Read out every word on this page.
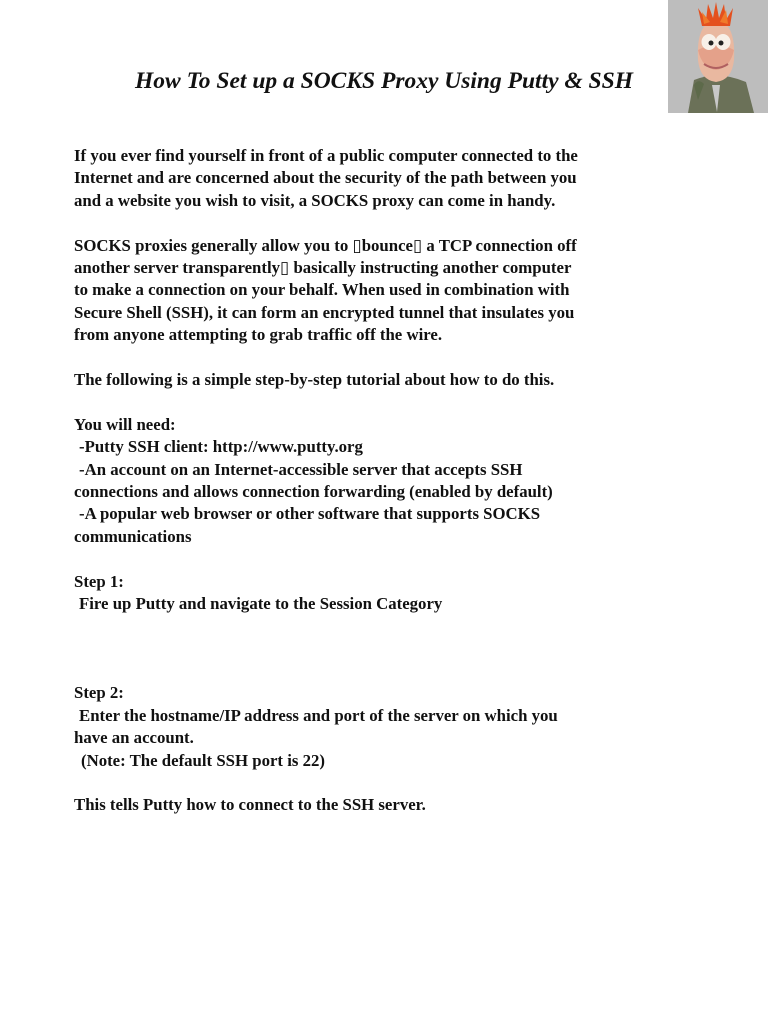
How To Set up a SOCKS Proxy Using Putty & SSH

If you ever find yourself in front of a public computer connected to the

Internet and are concerned about the security of the path between you

and a website you wish to visit, a SOCKS proxy can come in handy.

SOCKS proxies generally allow you to ▯bounce▯ a TCP connection off

another server transparently▯ basically instructing another computer

to make a connection on your behalf. When used in combination with

Secure Shell (SSH), it can form an encrypted tunnel that insulates you

from anyone attempting to grab traffic off the wire.

The following is a simple step-by-step tutorial about how to do this.

You will need:

-Putty SSH client: http://www.putty.org

-An account on an Internet-accessible server that accepts SSH

connections and allows connection forwarding (enabled by default)

-A popular web browser or other software that supports SOCKS

communications

Step 1:

Fire up Putty and navigate to the Session Category

Step 2:

Enter the hostname/IP address and port of the server on which you

have an account.

(Note: The default SSH port is 22)

This tells Putty how to connect to the SSH server.
